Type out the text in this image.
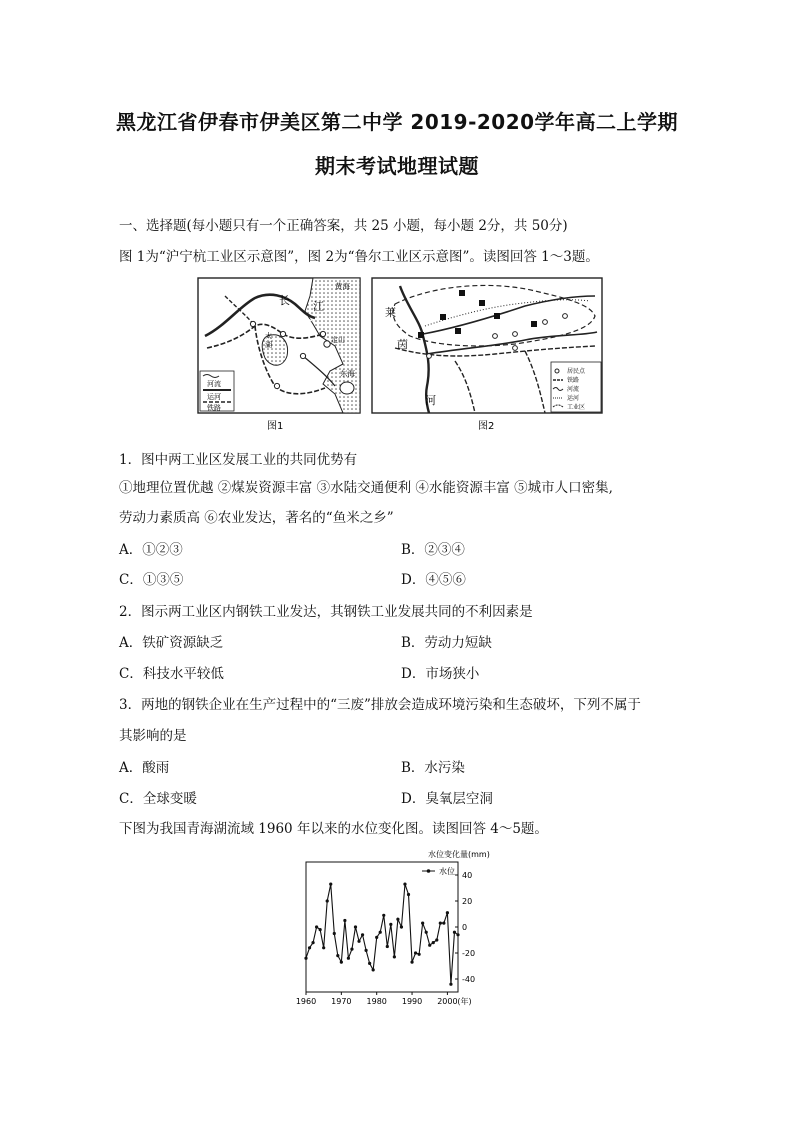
黑龙江省伊春市伊美区第二中学 2019-2020学年高二上学期
期末考试地理试题
一、选择题(每小题只有一个正确答案，共 25 小题，每小题 2分，共 50分)
图 1为“沪宁杭工业区示意图”，图 2为“鲁尔工业区示意图”。读图回答 1～3题。
长 江
黄海
太
湖
定山
东海
河流
运河
铁路
图1
莱
茵
河
居民点
铁路
河流
运河
工业区
图2
1．图中两工业区发展工业的共同优势有
①地理位置优越 ②煤炭资源丰富 ③水陆交通便利 ④水能资源丰富 ⑤城市人口密集,
劳动力素质高 ⑥农业发达，著名的“鱼米之乡”
A．①②③	B．②③④
C．①③⑤	D．④⑤⑥
2．图示两工业区内钢铁工业发达，其钢铁工业发展共同的不利因素是
A．铁矿资源缺乏	B．劳动力短缺
C．科技水平较低	D．市场狭小
3．两地的钢铁企业在生产过程中的“三废”排放会造成环境污染和生态破坏，下列不属于
其影响的是
A．酸雨	B．水污染
C．全球变暖	D．臭氧层空洞
下图为我国青海湖流域 1960 年以来的水位变化图。读图回答 4～5题。
水位变化量(mm)
1960 1970 1980 1990 2000 (年)
40
20
0
-20
-40
水位
